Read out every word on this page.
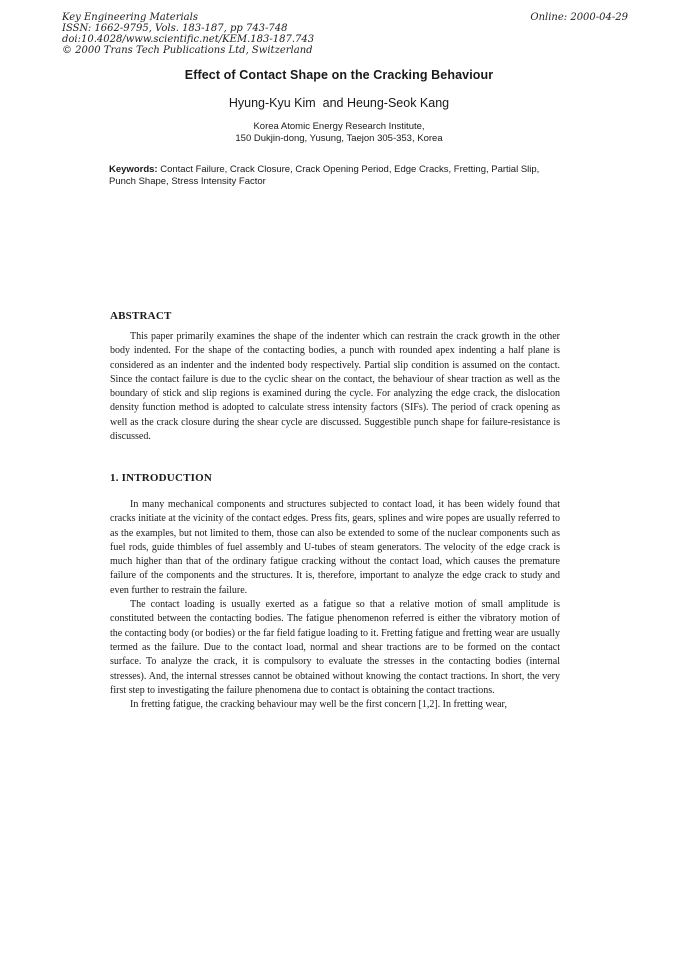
Key Engineering Materials
ISSN: 1662-9795, Vols. 183-187, pp 743-748
doi:10.4028/www.scientific.net/KEM.183-187.743
© 2000 Trans Tech Publications Ltd, Switzerland
Online: 2000-04-29
Effect of Contact Shape on the Cracking Behaviour
Hyung-Kyu Kim  and Heung-Seok Kang
Korea Atomic Energy Research Institute,
150 Dukjin-dong, Yusung, Taejon 305-353, Korea
Keywords: Contact Failure, Crack Closure, Crack Opening Period, Edge Cracks, Fretting, Partial Slip, Punch Shape, Stress Intensity Factor
ABSTRACT

This paper primarily examines the shape of the indenter which can restrain the crack growth in the other body indented. For the shape of the contacting bodies, a punch with rounded apex indenting a half plane is considered as an indenter and the indented body respectively. Partial slip condition is assumed on the contact. Since the contact failure is due to the cyclic shear on the contact, the behaviour of shear traction as well as the boundary of stick and slip regions is examined during the cycle. For analyzing the edge crack, the dislocation density function method is adopted to calculate stress intensity factors (SIFs). The period of crack opening as well as the crack closure during the shear cycle are discussed. Suggestible punch shape for failure-resistance is discussed.

1. INTRODUCTION

In many mechanical components and structures subjected to contact load, it has been widely found that cracks initiate at the vicinity of the contact edges. Press fits, gears, splines and wire popes are usually referred to as the examples, but not limited to them, those can also be extended to some of the nuclear components such as fuel rods, guide thimbles of fuel assembly and U-tubes of steam generators. The velocity of the edge crack is much higher than that of the ordinary fatigue cracking without the contact load, which causes the premature failure of the components and the structures. It is, therefore, important to analyze the edge crack to study and even further to restrain the failure.

The contact loading is usually exerted as a fatigue so that a relative motion of small amplitude is constituted between the contacting bodies. The fatigue phenomenon referred is either the vibratory motion of the contacting body (or bodies) or the far field fatigue loading to it. Fretting fatigue and fretting wear are usually termed as the failure. Due to the contact load, normal and shear tractions are to be formed on the contact surface. To analyze the crack, it is compulsory to evaluate the stresses in the contacting bodies (internal stresses). And, the internal stresses cannot be obtained without knowing the contact tractions. In short, the very first step to investigating the failure phenomena due to contact is obtaining the contact tractions.

In fretting fatigue, the cracking behaviour may well be the first concern [1,2]. In fretting wear,
